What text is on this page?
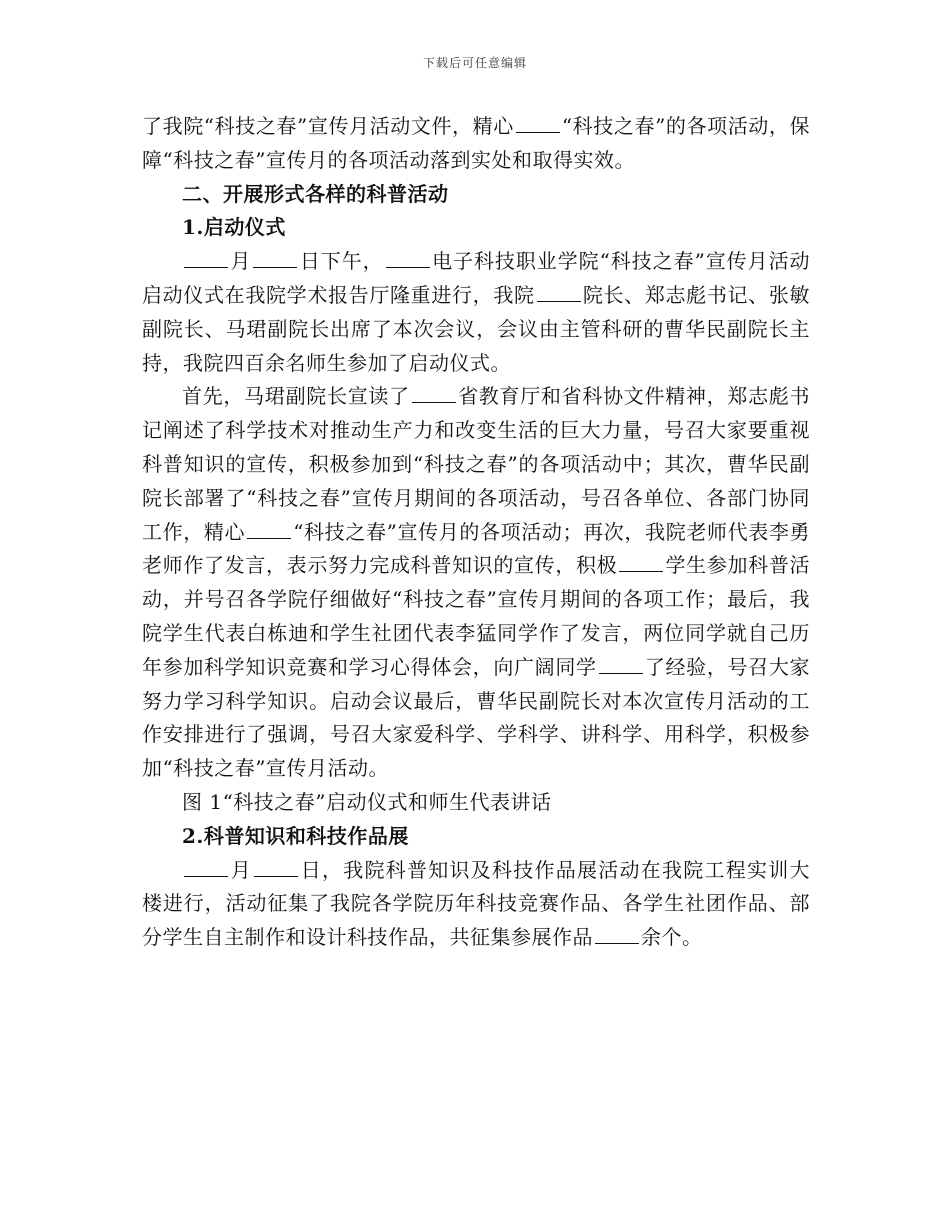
下载后可任意编辑

了我院“科技之春”宣传月活动文件，精心 “科技之春”的各项活动，保障“科技之春”宣传月的各项活动落到实处和取得实效。

二、开展形式各样的科普活动

1.启动仪式

月 日下午， 电子科技职业学院“科技之春”宣传月活动启动仪式在我院学术报告厅隆重进行，我院 院长、郑志彪书记、张敏副院长、马珺副院长出席了本次会议，会议由主管科研的曹华民副院长主持，我院四百余名师生参加了启动仪式。

首先，马珺副院长宣读了 省教育厅和省科协文件精神，郑志彪书记阐述了科学技术对推动生产力和改变生活的巨大力量，号召大家要重视科普知识的宣传，积极参加到“科技之春”的各项活动中；其次，曹华民副院长部署了“科技之春”宣传月期间的各项活动，号召各单位、各部门协同工作，精心 “科技之春”宣传月的各项活动；再次，我院老师代表李勇老师作了发言，表示努力完成科普知识的宣传，积极 学生参加科普活动，并号召各学院仔细做好“科技之春”宣传月期间的各项工作；最后，我院学生代表白栋迪和学生社团代表李猛同学作了发言，两位同学就自己历年参加科学知识竞赛和学习心得体会，向广阔同学 了经验，号召大家努力学习科学知识。启动会议最后，曹华民副院长对本次宣传月活动的工作安排进行了强调，号召大家爱科学、学科学、讲科学、用科学，积极参加“科技之春”宣传月活动。

图 1“科技之春”启动仪式和师生代表讲话

2.科普知识和科技作品展

月 日，我院科普知识及科技作品展活动在我院工程实训大楼进行，活动征集了我院各学院历年科技竞赛作品、各学生社团作品、部分学生自主制作和设计科技作品，共征集参展作品 余个。
